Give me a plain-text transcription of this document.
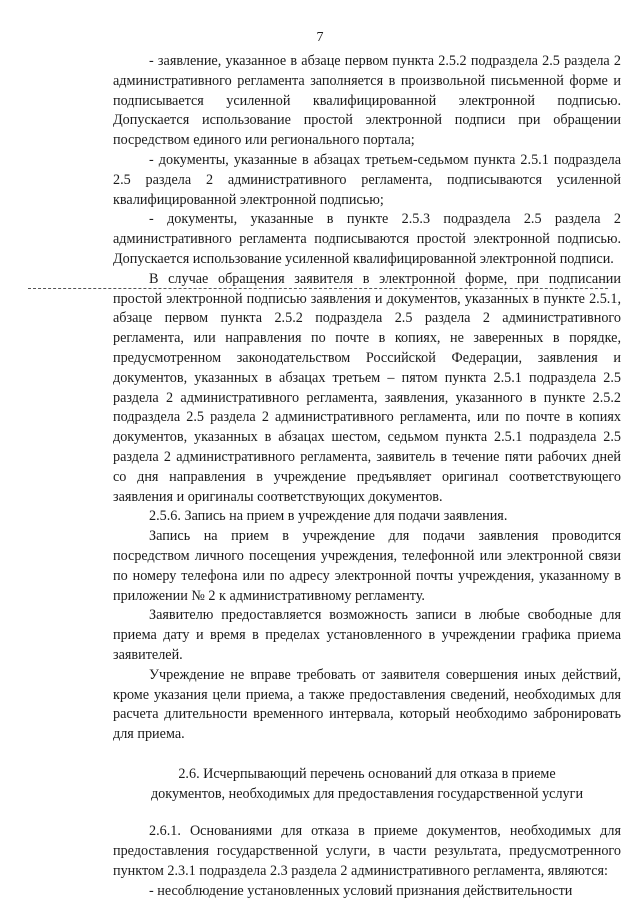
7

- заявление, указанное в абзаце первом пункта 2.5.2 подраздела 2.5 раздела 2 административного регламента заполняется в произвольной письменной форме и подписывается усиленной квалифицированной электронной подписью. Допускается использование простой электронной подписи при обращении посредством единого или регионального портала;

- документы, указанные в абзацах третьем-седьмом пункта 2.5.1 подраздела 2.5 раздела 2 административного регламента, подписываются усиленной квалифицированной электронной подписью;

- документы, указанные в пункте 2.5.3 подраздела 2.5 раздела 2 административного регламента подписываются простой электронной подписью. Допускается использование усиленной квалифицированной электронной подписи.

В случае обращения заявителя в электронной форме, при подписании простой электронной подписью заявления и документов, указанных в пункте 2.5.1, абзаце первом пункта 2.5.2 подраздела 2.5 раздела 2 административного регламента, или направления по почте в копиях, не заверенных в порядке, предусмотренном законодательством Российской Федерации, заявления и документов, указанных в абзацах третьем – пятом пункта 2.5.1 подраздела 2.5 раздела 2 административного регламента, заявления, указанного в пункте 2.5.2 подраздела 2.5 раздела 2 административного регламента, или по почте в копиях документов, указанных в абзацах шестом, седьмом пункта 2.5.1 подраздела 2.5 раздела 2 административного регламента, заявитель в течение пяти рабочих дней со дня направления в учреждение предъявляет оригинал соответствующего заявления и оригиналы соответствующих документов.

2.5.6. Запись на прием в учреждение для подачи заявления.

Запись на прием в учреждение для подачи заявления проводится посредством личного посещения учреждения, телефонной или электронной связи по номеру телефона или по адресу электронной почты учреждения, указанному в приложении № 2 к административному регламенту.

Заявителю предоставляется возможность записи в любые свободные для приема дату и время в пределах установленного в учреждении графика приема заявителей.

Учреждение не вправе требовать от заявителя совершения иных действий, кроме указания цели приема, а также предоставления сведений, необходимых для расчета длительности временного интервала, который необходимо забронировать для приема.

2.6. Исчерпывающий перечень оснований для отказа в приеме
документов, необходимых для предоставления государственной услуги

2.6.1. Основаниями для отказа в приеме документов, необходимых для предоставления государственной услуги, в части результата, предусмотренного пунктом 2.3.1 подраздела 2.3 раздела 2 административного регламента, являются:

- несоблюдение установленных условий признания действительности
